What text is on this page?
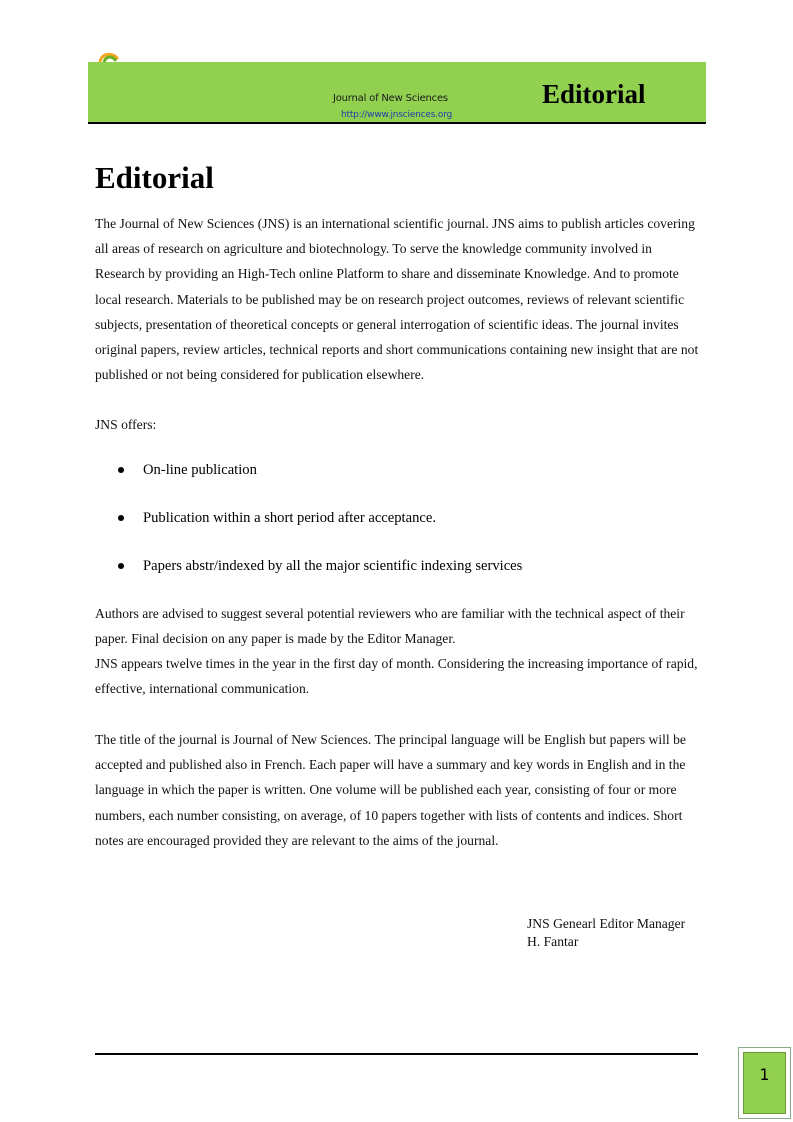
Journal of New Sciences
http://www.jnsciences.org
Editorial
Editorial

The Journal of New Sciences (JNS) is an international scientific journal. JNS aims to publish articles covering all areas of research on agriculture and biotechnology. To serve the knowledge community involved in Research by providing an High-Tech online Platform to share and disseminate Knowledge. And to promote local research. Materials to be published may be on research project outcomes, reviews of relevant scientific subjects, presentation of theoretical concepts or general interrogation of scientific ideas. The journal invites original papers, review articles, technical reports and short communications containing new insight that are not published or not being considered for publication elsewhere.

JNS offers:

On-line publication
Publication within a short period after acceptance.
Papers abstr/indexed by all the major scientific indexing services

Authors are advised to suggest several potential reviewers who are familiar with the technical aspect of their paper. Final decision on any paper is made by the Editor Manager.

JNS appears twelve times in the year in the first day of month. Considering the increasing importance of rapid, effective, international communication.

The title of the journal is Journal of New Sciences. The principal language will be English but papers will be accepted and published also in French. Each paper will have a summary and key words in English and in the language in which the paper is written. One volume will be published each year, consisting of four or more numbers, each number consisting, on average, of 10 papers together with lists of contents and indices. Short notes are encouraged provided they are relevant to the aims of the journal.

JNS Genearl Editor Manager
H. Fantar
1
